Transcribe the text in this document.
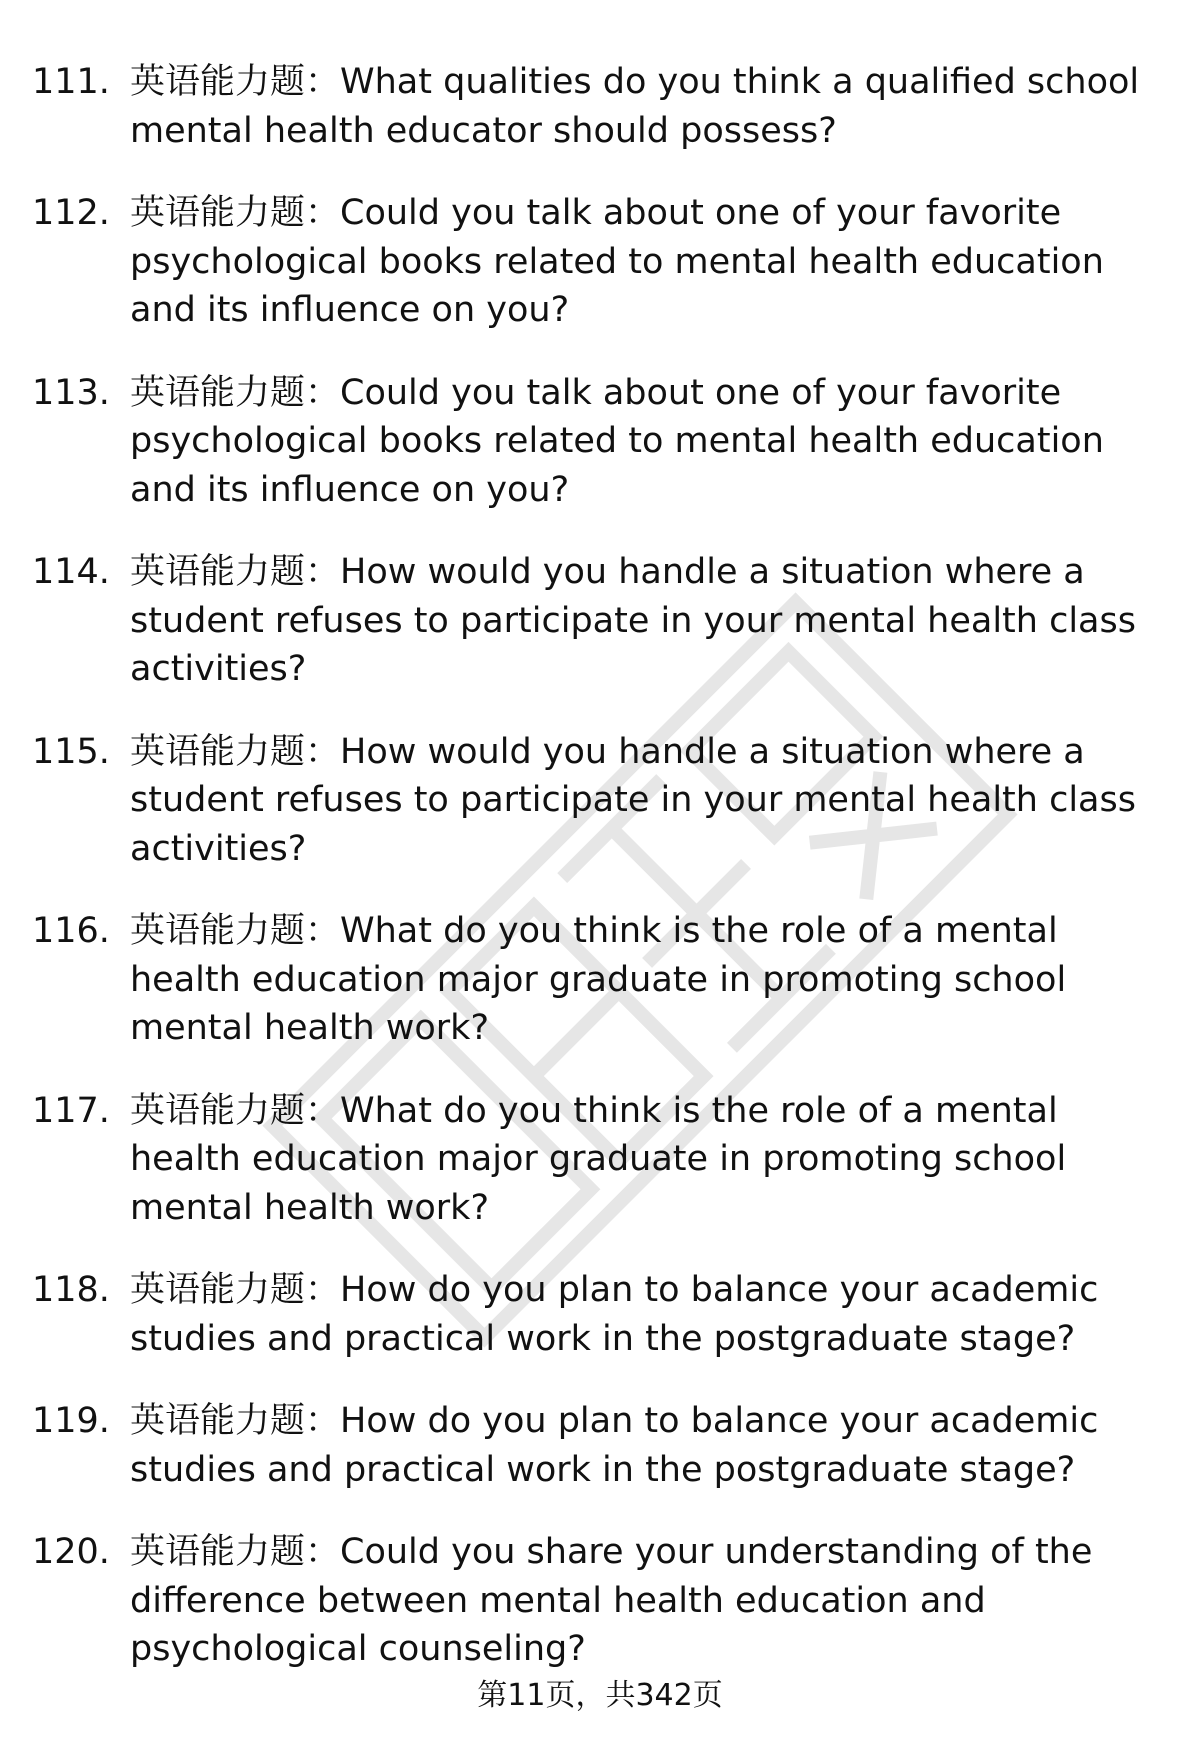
111. 英语能力题：What qualities do you think a qualified school mental health educator should possess?
112. 英语能力题：Could you talk about one of your favorite psychological books related to mental health education and its influence on you?
113. 英语能力题：Could you talk about one of your favorite psychological books related to mental health education and its influence on you?
114. 英语能力题：How would you handle a situation where a student refuses to participate in your mental health class activities?
115. 英语能力题：How would you handle a situation where a student refuses to participate in your mental health class activities?
116. 英语能力题：What do you think is the role of a mental health education major graduate in promoting school mental health work?
117. 英语能力题：What do you think is the role of a mental health education major graduate in promoting school mental health work?
118. 英语能力题：How do you plan to balance your academic studies and practical work in the postgraduate stage?
119. 英语能力题：How do you plan to balance your academic studies and practical work in the postgraduate stage?
120. 英语能力题：Could you share your understanding of the difference between mental health education and psychological counseling?
第11页，共342页
